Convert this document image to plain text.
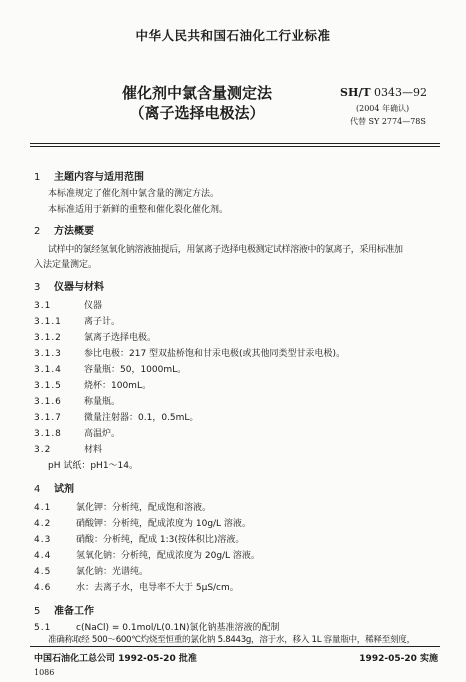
中华人民共和国石油化工行业标准
催化剂中氯含量测定法
（离子选择电极法）
SH/T 0343—92
(2004 年确认)
代替 SY 2774—78S
1 主题内容与适用范围
本标准规定了催化剂中氯含量的测定方法。
本标准适用于新鲜的重整和催化裂化催化剂。
2 方法概要
试样中的氯经氢氧化钠溶液抽提后，用氯离子选择电极测定试样溶液中的氯离子，采用标准加
入法定量测定。
3 仪器与材料
3.1	仪器
3.1.1 离子计。
3.1.2 氯离子选择电极。
3.1.3 参比电极：217 型双盐桥饱和甘汞电极(或其他同类型甘汞电极)。
3.1.4 容量瓶：50，1000mL。
3.1.5 烧杯：100mL。
3.1.6 称量瓶。
3.1.7 微量注射器：0.1，0.5mL。
3.1.8 高温炉。
3.2	材料
pH 试纸：pH1～14。
4 试剂
4.1	氯化钾：分析纯，配成饱和溶液。
4.2	硝酸钾：分析纯，配成浓度为 10g/L 溶液。
4.3	硝酸：分析纯，配成 1:3(按体积比)溶液。
4.4	氢氧化钠：分析纯，配成浓度为 20g/L 溶液。
4.5	氯化钠：光谱纯。
4.6	水：去离子水，电导率不大于 5μS/cm。
5 准备工作
5.1	c(NaCl) = 0.1mol/L(0.1N)氯化钠基准溶液的配制
准确称取经 500～600℃灼烧至恒重的氯化钠 5.8443g，溶于水，移入 1L 容量瓶中，稀释至刻度，
中国石油化工总公司 1992-05-20 批准	1992-05-20 实施
1086
